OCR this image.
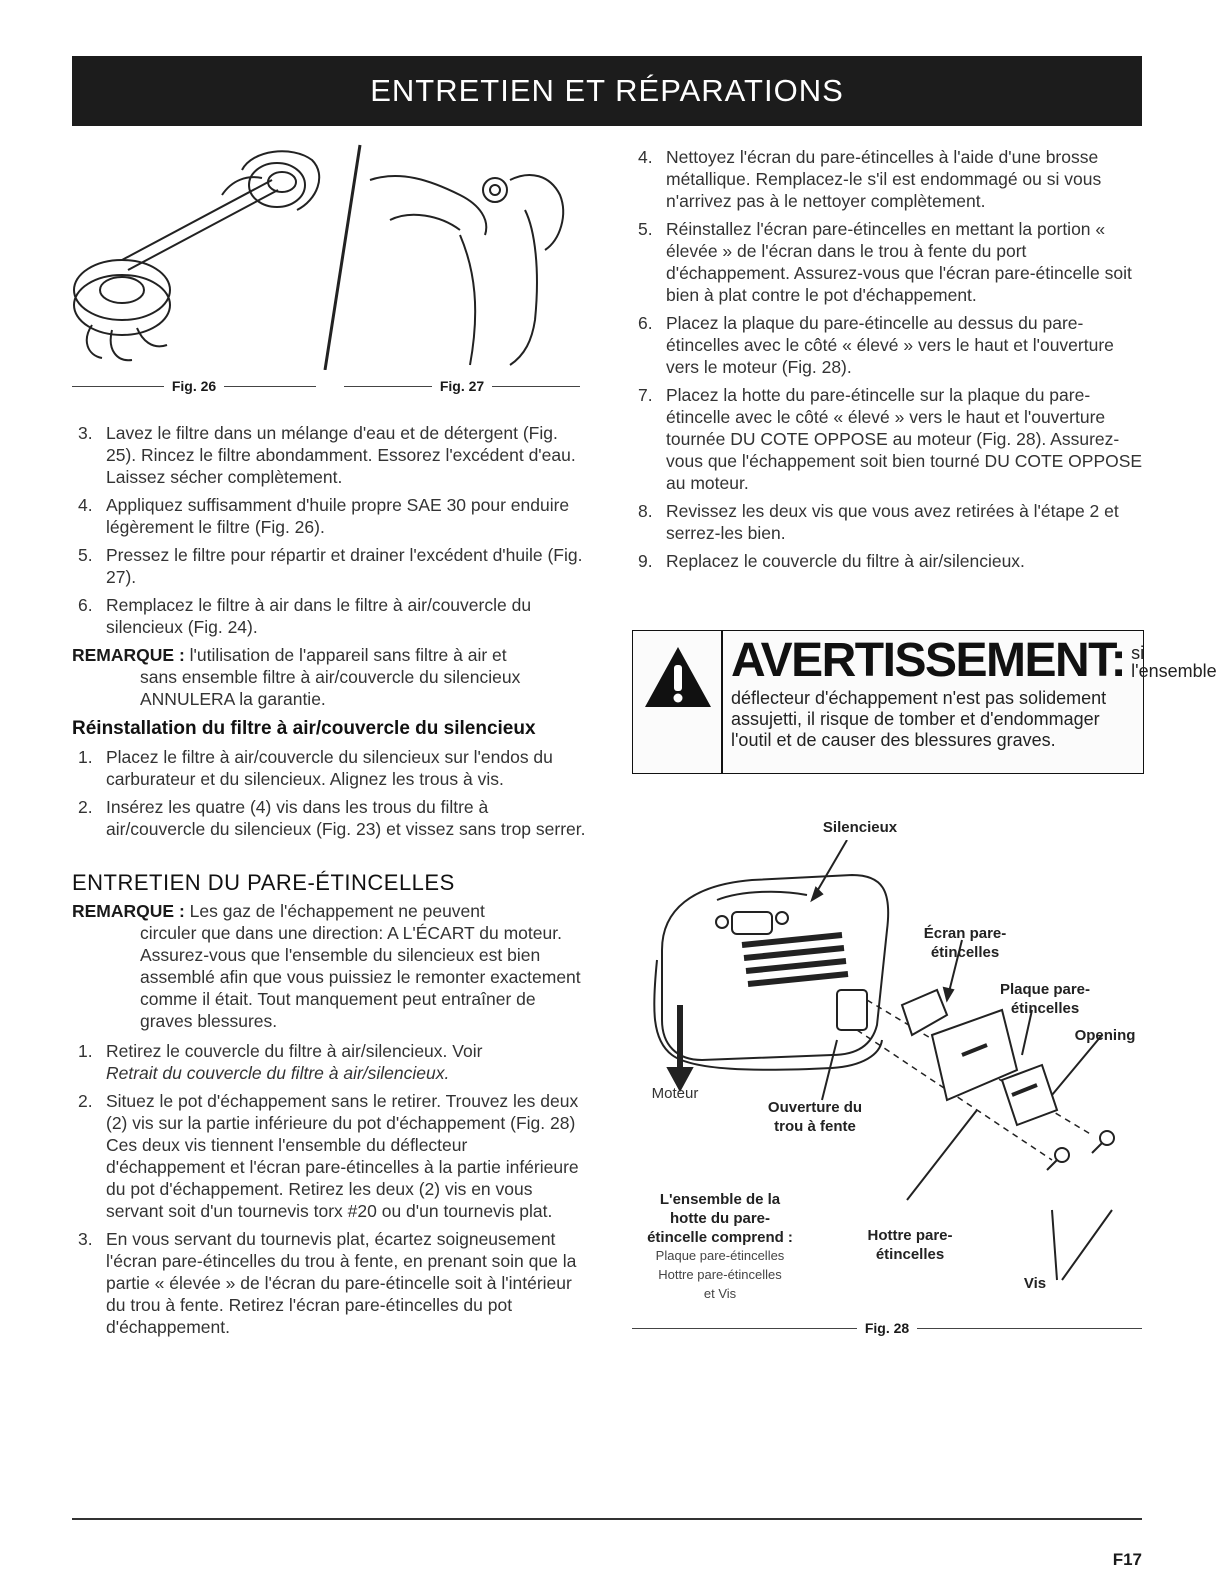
ENTRETIEN ET RÉPARATIONS
Fig. 26	Fig. 27
3. Lavez le filtre dans un mélange d'eau et de détergent (Fig. 25). Rincez le filtre abondamment. Essorez l'excédent d'eau. Laissez sécher complètement.
4. Appliquez suffisamment d'huile propre SAE 30 pour enduire légèrement le filtre (Fig. 26).
5. Pressez le filtre pour répartir et drainer l'excédent d'huile (Fig. 27).
6. Remplacez le filtre à air dans le filtre à air/couvercle du silencieux (Fig. 24).
REMARQUE : l'utilisation de l'appareil sans filtre à air et
sans ensemble filtre à air/couvercle du silencieux ANNULERA la garantie.
Réinstallation du filtre à air/couvercle du silencieux
1. Placez le filtre à air/couvercle du silencieux sur l'endos du carburateur et du silencieux. Alignez les trous à vis.
2. Insérez les quatre (4) vis dans les trous du filtre à air/couvercle du silencieux (Fig. 23) et vissez sans trop serrer.
ENTRETIEN DU PARE-ÉTINCELLES
REMARQUE : Les gaz de l'échappement ne peuvent
circuler que dans une direction: A L'ÉCART du moteur. Assurez-vous que l'ensemble du silencieux est bien assemblé afin que vous puissiez le remonter exactement comme il était. Tout manquement peut entraîner de graves blessures.
1. Retirez le couvercle du filtre à air/silencieux. Voir
Retrait du couvercle du filtre à air/silencieux.
2. Situez le pot d'échappement sans le retirer. Trouvez les deux (2) vis sur la partie inférieure du pot d'échappement (Fig. 28) Ces deux vis tiennent l'ensemble du déflecteur d'échappement et l'écran pare-étincelles à la partie inférieure du pot d'échappement. Retirez les deux (2) vis en vous servant soit d'un tournevis torx #20 ou d'un tournevis plat.
3. En vous servant du tournevis plat, écartez soigneusement l'écran pare-étincelles du trou à fente, en prenant soin que la partie « élevée » de l'écran du pare-étincelle soit à l'intérieur du trou à fente. Retirez l'écran pare-étincelles du pot d'échappement.
4. Nettoyez l'écran du pare-étincelles à l'aide d'une brosse métallique. Remplacez-le s'il est endommagé ou si vous n'arrivez pas à le nettoyer complètement.
5. Réinstallez l'écran pare-étincelles en mettant la portion « élevée » de l'écran dans le trou à fente du port d'échappement. Assurez-vous que l'écran pare-étincelle soit bien à plat contre le pot d'échappement.
6. Placez la plaque du pare-étincelle au dessus du pare-étincelles avec le côté « élevé » vers le haut et l'ouverture vers le moteur (Fig. 28).
7. Placez la hotte du pare-étincelle sur la plaque du pare-étincelle avec le côté « élevé » vers le haut et l'ouverture tournée DU COTE OPPOSE au moteur (Fig. 28). Assurez-vous que l'échappement soit bien tourné DU COTE OPPOSE au moteur.
8. Revissez les deux vis que vous avez retirées à l'étape 2 et serrez-les bien.
9. Replacez le couvercle du filtre à air/silencieux.
AVERTISSEMENT: si
l'ensemble
déflecteur d'échappement n'est pas solidement assujetti, il risque de tomber et d'endommager l'outil et de causer des blessures graves.
Silencieux
Écran pare-
étincelles
Plaque pare-
étincelles
Opening
Moteur
Ouverture du
trou à fente
L'ensemble de la
hotte du pare-
étincelle comprend :
Plaque pare-étincelles
Hottre pare-étincelles
et Vis
Hottre pare-
étincelles
Vis
Fig. 28
F17
